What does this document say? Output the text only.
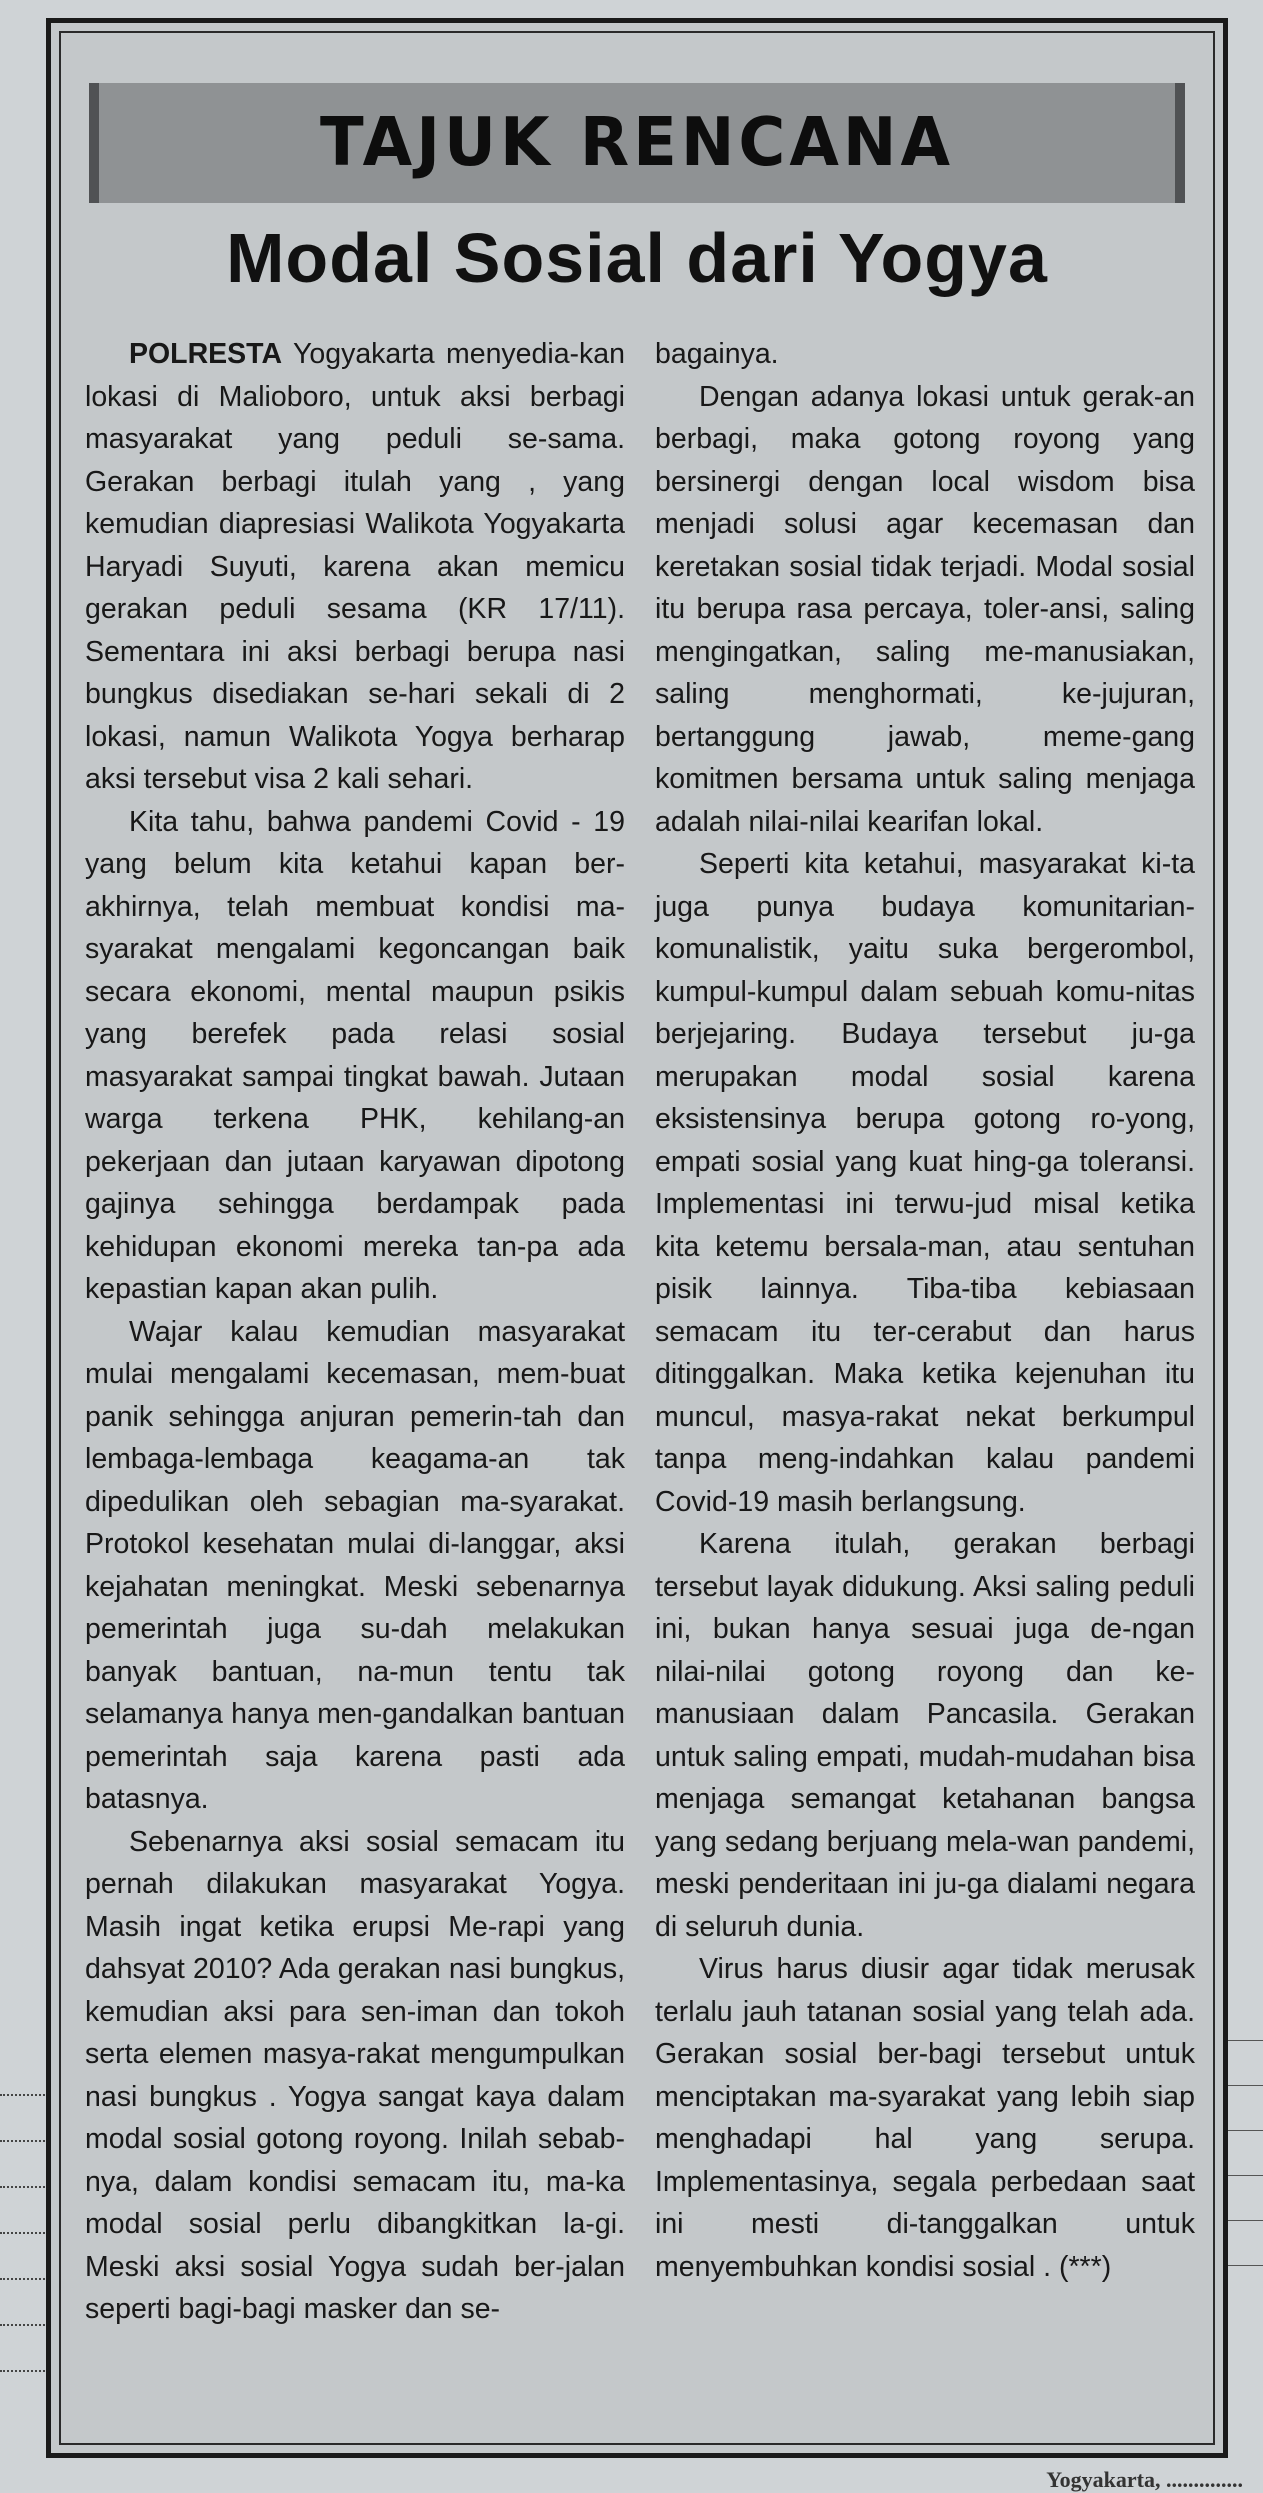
Yogyakarta, ..............
TAJUK RENCANA
Modal Sosial dari Yogya

POLRESTA Yogyakarta menyedia-kan lokasi di Malioboro, untuk aksi berbagi masyarakat yang peduli se-sama. Gerakan berbagi itulah yang , yang kemudian diapresiasi Walikota Yogyakarta Haryadi Suyuti, karena akan memicu gerakan peduli sesama (KR 17/11). Sementara ini aksi berbagi berupa nasi bungkus disediakan se-hari sekali di 2 lokasi, namun Walikota Yogya berharap aksi tersebut visa 2 kali sehari.

Kita tahu, bahwa pandemi Covid - 19 yang belum kita ketahui kapan ber-akhirnya, telah membuat kondisi ma-syarakat mengalami kegoncangan baik secara ekonomi, mental maupun psikis yang berefek pada relasi sosial masyarakat sampai tingkat bawah. Jutaan warga terkena PHK, kehilang-an pekerjaan dan jutaan karyawan dipotong gajinya sehingga berdampak pada kehidupan ekonomi mereka tan-pa ada kepastian kapan akan pulih.

Wajar kalau kemudian masyarakat mulai mengalami kecemasan, mem-buat panik sehingga anjuran pemerin-tah dan lembaga-lembaga keagama-an tak dipedulikan oleh sebagian ma-syarakat. Protokol kesehatan mulai di-langgar, aksi kejahatan meningkat. Meski sebenarnya pemerintah juga su-dah melakukan banyak bantuan, na-mun tentu tak selamanya hanya men-gandalkan bantuan pemerintah saja karena pasti ada batasnya.

Sebenarnya aksi sosial semacam itu pernah dilakukan masyarakat Yogya. Masih ingat ketika erupsi Me-rapi yang dahsyat 2010? Ada gerakan nasi bungkus, kemudian aksi para sen-iman dan tokoh serta elemen masya-rakat mengumpulkan nasi bungkus . Yogya sangat kaya dalam modal sosial gotong royong. Inilah sebab-nya, dalam kondisi semacam itu, ma-ka modal sosial perlu dibangkitkan la-gi. Meski aksi sosial Yogya sudah ber-jalan seperti bagi-bagi masker dan se-

bagainya.

Dengan adanya lokasi untuk gerak-an berbagi, maka gotong royong yang bersinergi dengan local wisdom bisa menjadi solusi agar kecemasan dan keretakan sosial tidak terjadi. Modal sosial itu berupa rasa percaya, toler-ansi, saling mengingatkan, saling me-manusiakan, saling menghormati, ke-jujuran, bertanggung jawab, meme-gang komitmen bersama untuk saling menjaga adalah nilai-nilai kearifan lokal.

Seperti kita ketahui, masyarakat ki-ta juga punya budaya komunitarian-komunalistik, yaitu suka bergerombol, kumpul-kumpul dalam sebuah komu-nitas berjejaring. Budaya tersebut ju-ga merupakan modal sosial karena eksistensinya berupa gotong ro-yong, empati sosial yang kuat hing-ga toleransi. Implementasi ini terwu-jud misal ketika kita ketemu bersala-man, atau sentuhan pisik lainnya. Tiba-tiba kebiasaan semacam itu ter-cerabut dan harus ditinggalkan. Maka ketika kejenuhan itu muncul, masya-rakat nekat berkumpul tanpa meng-indahkan kalau pandemi Covid-19 masih berlangsung.

Karena itulah, gerakan berbagi tersebut layak didukung. Aksi saling peduli ini, bukan hanya sesuai juga de-ngan nilai-nilai gotong royong dan ke-manusiaan dalam Pancasila. Gerakan untuk saling empati, mudah-mudahan bisa menjaga semangat ketahanan bangsa yang sedang berjuang mela-wan pandemi, meski penderitaan ini ju-ga dialami negara di seluruh dunia.

Virus harus diusir agar tidak merusak terlalu jauh tatanan sosial yang telah ada. Gerakan sosial ber-bagi tersebut untuk menciptakan ma-syarakat yang lebih siap menghadapi hal yang serupa. Implementasinya, segala perbedaan saat ini mesti di-tanggalkan untuk menyembuhkan kondisi sosial . (***)
